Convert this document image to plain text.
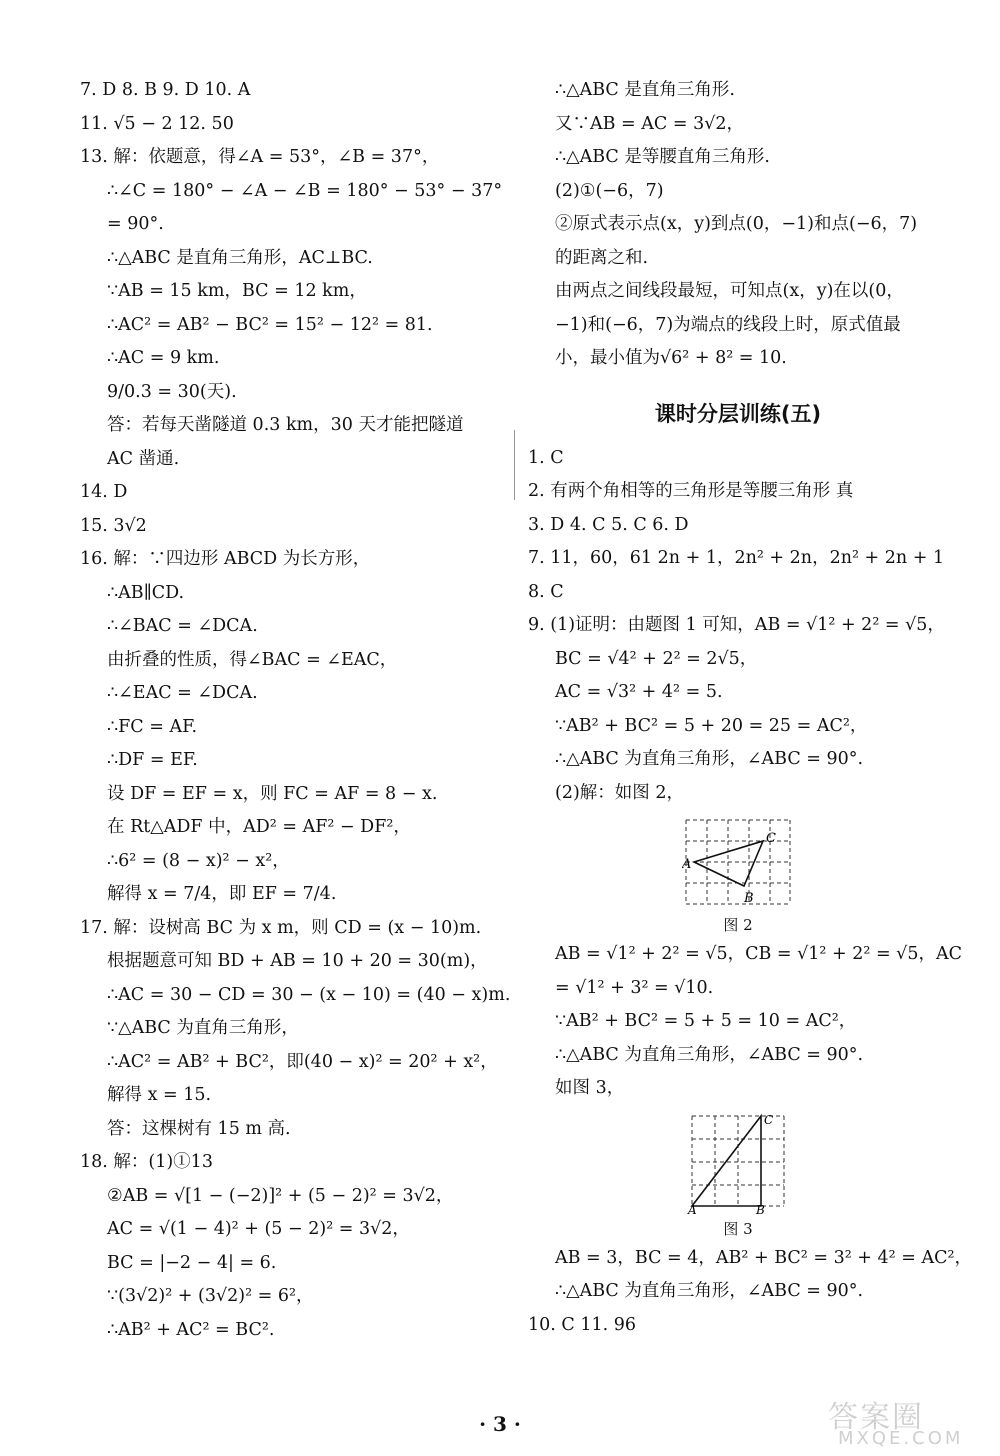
7. D 8. B 9. D 10. A
11. √5 − 2 12. 50
13. 解：依题意，得∠A = 53°，∠B = 37°，
∴∠C = 180° − ∠A − ∠B = 180° − 53° − 37°
= 90°.
∴△ABC 是直角三角形，AC⊥BC.
∵AB = 15 km，BC = 12 km，
∴AC² = AB² − BC² = 15² − 12² = 81.
∴AC = 9 km.
9/0.3 = 30(天).
答：若每天凿隧道 0.3 km，30 天才能把隧道
AC 凿通.
14. D
15. 3√2
16. 解：∵四边形 ABCD 为长方形，
∴AB∥CD.
∴∠BAC = ∠DCA.
由折叠的性质，得∠BAC = ∠EAC，
∴∠EAC = ∠DCA.
∴FC = AF.
∴DF = EF.
设 DF = EF = x，则 FC = AF = 8 − x.
在 Rt△ADF 中，AD² = AF² − DF²，
∴6² = (8 − x)² − x²，
解得 x = 7/4，即 EF = 7/4.
17. 解：设树高 BC 为 x m，则 CD = (x − 10)m.
根据题意可知 BD + AB = 10 + 20 = 30(m)，
∴AC = 30 − CD = 30 − (x − 10) = (40 − x)m.
∵△ABC 为直角三角形，
∴AC² = AB² + BC²，即(40 − x)² = 20² + x²，
解得 x = 15.
答：这棵树有 15 m 高.
18. 解：(1)①13
②AB = √[1 − (−2)]² + (5 − 2)² = 3√2，
AC = √(1 − 4)² + (5 − 2)² = 3√2，
BC = |−2 − 4| = 6.
∵(3√2)² + (3√2)² = 6²，
∴AB² + AC² = BC².
∴△ABC 是直角三角形.
又∵AB = AC = 3√2，
∴△ABC 是等腰直角三角形.
(2)①(−6，7)
②原式表示点(x，y)到点(0，−1)和点(−6，7)
的距离之和.
由两点之间线段最短，可知点(x，y)在以(0，
−1)和(−6，7)为端点的线段上时，原式值最
小，最小值为√6² + 8² = 10.
课时分层训练(五)
1. C
2. 有两个角相等的三角形是等腰三角形 真
3. D 4. C 5. C 6. D
7. 11，60，61 2n + 1，2n² + 2n，2n² + 2n + 1
8. C
9. (1)证明：由题图 1 可知，AB = √1² + 2² = √5，
BC = √4² + 2² = 2√5，
AC = √3² + 4² = 5.
∵AB² + BC² = 5 + 20 = 25 = AC²，
∴△ABC 为直角三角形，∠ABC = 90°.
(2)解：如图 2，
A
B
C
图 2
AB = √1² + 2² = √5，CB = √1² + 2² = √5，AC
= √1² + 3² = √10.
∵AB² + BC² = 5 + 5 = 10 = AC²，
∴△ABC 为直角三角形，∠ABC = 90°.
如图 3，
A	B
C
图 3
AB = 3，BC = 4，AB² + BC² = 3² + 4² = AC²，
∴△ABC 为直角三角形，∠ABC = 90°.
10. C 11. 96
· 3 ·	答案圈
MXQE.COM
